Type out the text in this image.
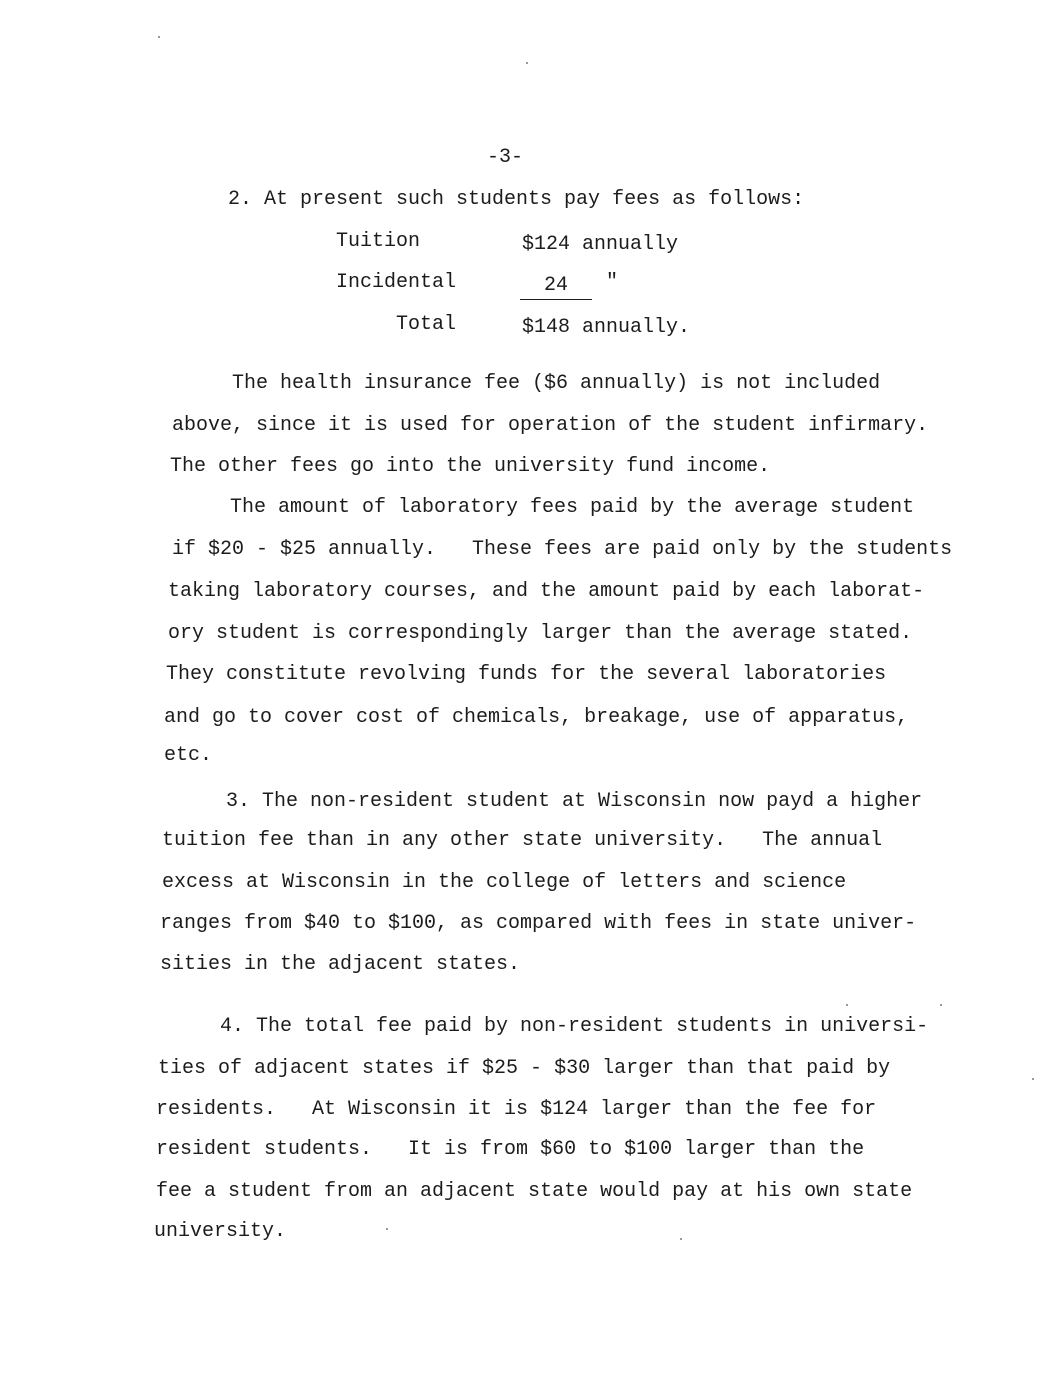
-3-
2. At present such students pay fees as follows:
Tuition	$124 annually
Incidental	24	"
Total	$148 annually.
The health insurance fee ($6 annually) is not included
above, since it is used for operation of the student infirmary.
The other fees go into the university fund income.
The amount of laboratory fees paid by the average student
if $20 - $25 annually.   These fees are paid only by the students
taking laboratory courses, and the amount paid by each laborat-
ory student is correspondingly larger than the average stated.
They constitute revolving funds for the several laboratories
and go to cover cost of chemicals, breakage, use of apparatus,
etc.
3. The non-resident student at Wisconsin now payd a higher
tuition fee than in any other state university.   The annual
excess at Wisconsin in the college of letters and science
ranges from $40 to $100, as compared with fees in state univer-
sities in the adjacent states.
4. The total fee paid by non-resident students in universi-
ties of adjacent states if $25 - $30 larger than that paid by
residents.   At Wisconsin it is $124 larger than the fee for
resident students.   It is from $60 to $100 larger than the
fee a student from an adjacent state would pay at his own state
university.
